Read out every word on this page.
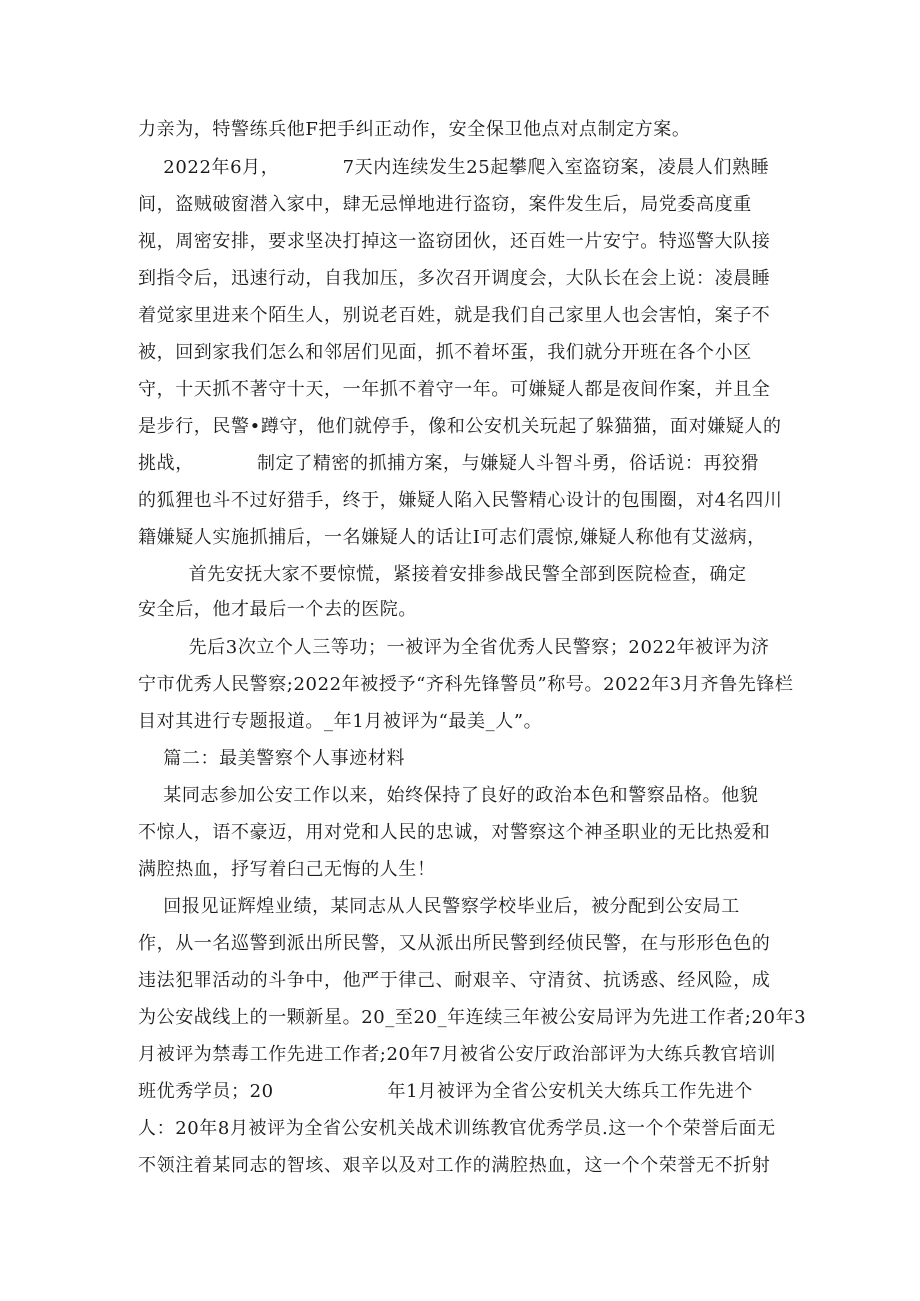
力亲为，特警练兵他F把手纠正动作，安全保卫他点对点制定方案。
2022年6月，          7天内连续发生25起攀爬入室盗窃案，凌晨人们熟睡
间，盗贼破窗潜入家中，肆无忌惮地进行盗窃，案件发生后，局党委高度重
视，周密安排，要求坚决打掉这一盗窃团伙，还百姓一片安宁。特巡警大队接
到指令后，迅速行动，自我加压，多次召开调度会，大队长在会上说：凌晨睡
着觉家里进来个陌生人，别说老百姓，就是我们自己家里人也会害怕，案子不
被，回到家我们怎么和邻居们见面，抓不着坏蛋，我们就分开班在各个小区
守，十天抓不著守十天，一年抓不着守一年。可嫌疑人都是夜间作案，并且全
是步行，民警•蹲守，他们就停手，像和公安机关玩起了躲猫猫，面对嫌疑人的
挑战，          制定了精密的抓捕方案，与嫌疑人斗智斗勇，俗话说：再狡猾
的狐狸也斗不过好猎手，终于，嫌疑人陷入民警精心设计的包围圈，对4名四川
籍嫌疑人实施抓捕后，一名嫌疑人的话让I可志们震惊,嫌疑人称他有艾滋病，
首先安抚大家不要惊慌，紧接着安排参战民警全部到医院检查，确定
安全后，他才最后一个去的医院。
先后3次立个人三等功；一被评为全省优秀人民警察；2022年被评为济
宁市优秀人民警察;2022年被授予“齐科先锋警员”称号。2022年3月齐鲁先锋栏
目对其进行专题报道。_年1月被评为“最美_人”。
篇二：最美警察个人事迹材料
某同志参加公安工作以来，始终保持了良好的政治本色和警察品格。他貌
不惊人，语不豪迈，用对党和人民的忠诚，对警察这个神圣职业的无比热爱和
满腔热血，抒写着臼己无悔的人生！
回报见证辉煌业绩，某同志从人民警察学校毕业后，被分配到公安局工
作，从一名巡警到派出所民警，又从派出所民警到经侦民警，在与形形色色的
违法犯罪活动的斗争中，他严于律己、耐艰辛、守清贫、抗诱惑、经风险，成
为公安战线上的一颗新星。20_至20_年连续三年被公安局评为先进工作者;20年3
月被评为禁毒工作先进工作者;20年7月被省公安厅政治部评为大练兵教官培训
班优秀学员；20                  年1月被评为全省公安机关大练兵工作先进个
人：20年8月被评为全省公安机关战术训练教官优秀学员.这一个个荣誉后面无
不领注着某同志的智垓、艰辛以及对工作的满腔热血，这一个个荣誉无不折射
